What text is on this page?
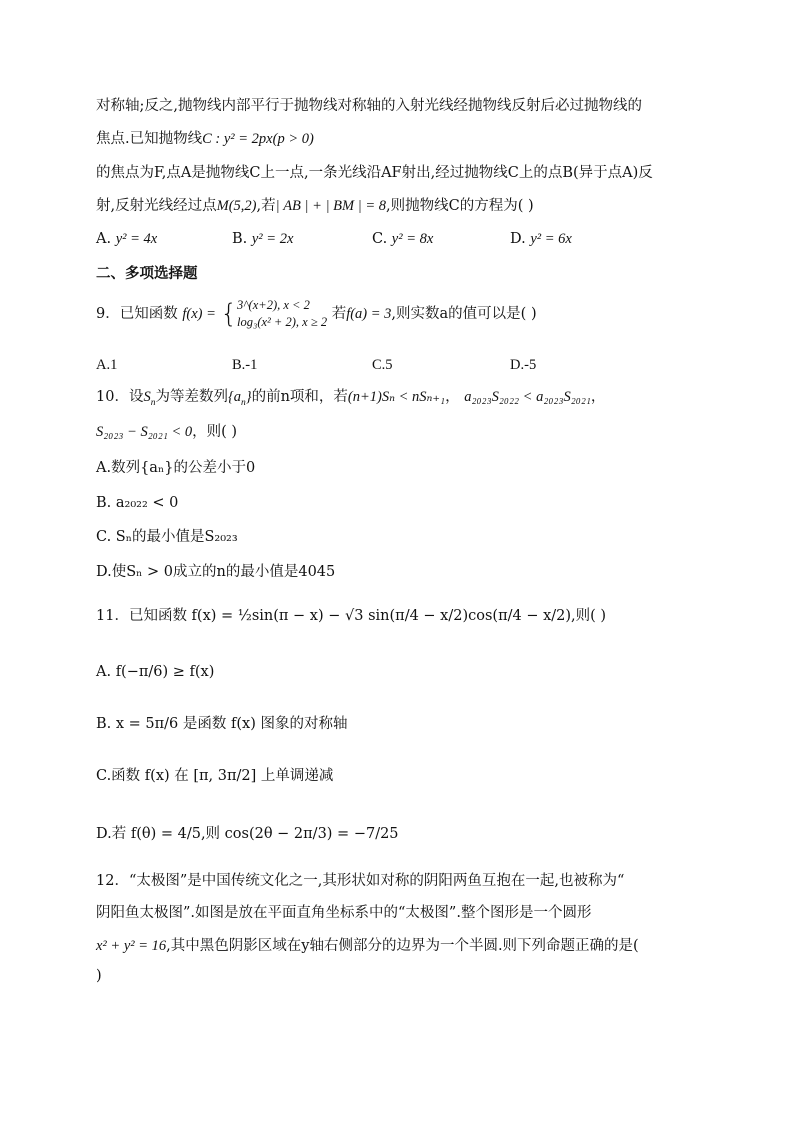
对称轴;反之,抛物线内部平行于抛物线对称轴的入射光线经抛物线反射后必过抛物线的
焦点.已知抛物线C : y² = 2px(p > 0)
的焦点为F,点A是抛物线C上一点,一条光线沿AF射出,经过抛物线C上的点B(异于点A)反
射,反射光线经过点M(5,2),若| AB | + | BM | = 8,则抛物线C的方程为( )
A. y² = 4x	B. y² = 2x	C. y² = 8x	D. y² = 6x
二、多项选择题
9．已知函数 f(x) = { 3^(x+2), x < 2
log₃(x² + 2), x ≥ 2 若f(a) = 3,则实数a的值可以是( )
A.1	B.-1	C.5	D.-5
10．设$S_n$为等差数列$\{a_n\}$的前n项和，若(n+1)Sₙ < nSₙ₊₁， a₂₀₂₃S₂₀₂₂ < a₂₀₂₃S₂₀₂₁，
S₂₀₂₃ − S₂₀₂₁ < 0，则( )
A.数列{aₙ}的公差小于0
B. a₂₀₂₂ < 0
C. Sₙ的最小值是S₂₀₂₃
D.使Sₙ > 0成立的n的最小值是4045
11．已知函数 f(x) = ½sin(π − x) − √3 sin(π/4 − x/2)cos(π/4 − x/2),则( )
A. f(−π/6) ≥ f(x)
B. x = 5π/6 是函数 f(x) 图象的对称轴
C.函数 f(x) 在 [π, 3π/2] 上单调递减
D.若 f(θ) = 4/5,则 cos(2θ − 2π/3) = −7/25
12．“太极图”是中国传统文化之一,其形状如对称的阴阳两鱼互抱在一起,也被称为“
阴阳鱼太极图”.如图是放在平面直角坐标系中的“太极图”.整个图形是一个圆形
x² + y² = 16,其中黑色阴影区域在y轴右侧部分的边界为一个半圆.则下列命题正确的是(
)
